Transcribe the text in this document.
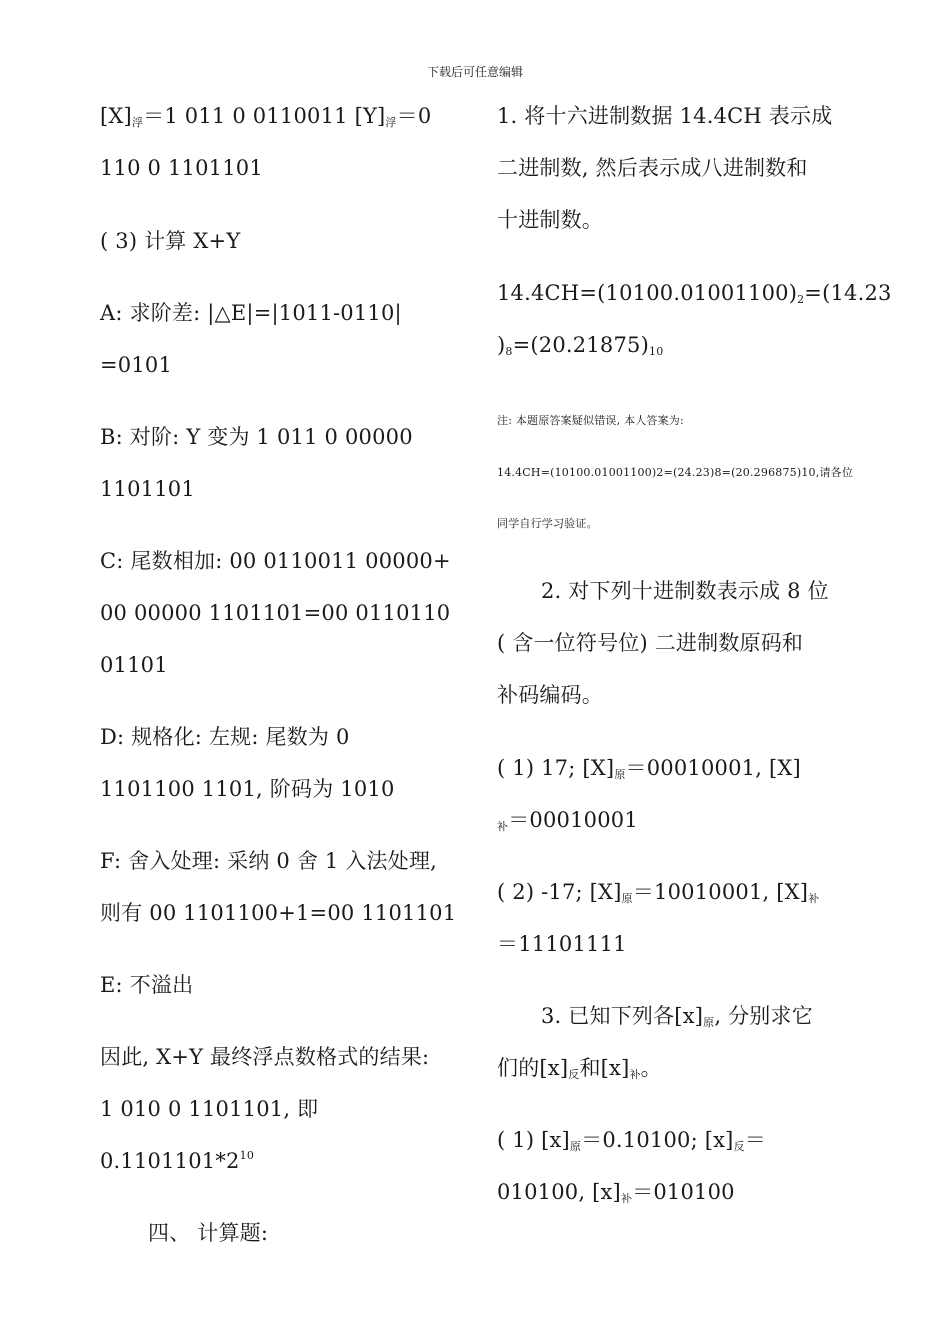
下载后可任意编辑
$[X]_浮=1$ 011 0 0110011 $[Y]_浮=0$
110 0 1101101
( 3) 计算 X+Y
A: 求阶差: |△E|=|1011-0110|
=0101
B: 对阶: Y 变为 1 011 0 00000
1101101
C: 尾数相加: 00 0110011 00000+
00 00000 1101101=00 0110110
01101
D: 规格化: 左规: 尾数为 0
1101100 1101, 阶码为 1010
F: 舍入处理: 采纳 0 舍 1 入法处理,
则有 00 1101100+1=00 1101101
E: 不溢出
因此, X+Y 最终浮点数格式的结果:
1 010 0 1101101, 即
$0.1101101*2^{10}$
四、 计算题:
1. 将十六进制数据 14.4CH 表示成
二进制数, 然后表示成八进制数和
十进制数。
$14.4CH=(10100.01001100)_2=(14.23$
)$_8=(20.21875)_{10}$
注: 本题原答案疑似错误, 本人答案为:
14.4CH=(10100.01001100)2=(24.23)8=(20.296875)10,请各位
同学自行学习验证。
2. 对下列十进制数表示成 8 位
( 含一位符号位) 二进制数原码和
补码编码。
( 1) 17; $[X]_原=00010001$, [X]
$_补$＝00010001
( 2) -17; $[X]_原=10010001$, $[X]_补$
＝11101111
3. 已知下列各$[x]_原$, 分别求它
们的$[x]_反$和$[x]_补$。
( 1) $[x]_原=0.10100$; $[x]_反=$
010100, $[x]_补=010100$
